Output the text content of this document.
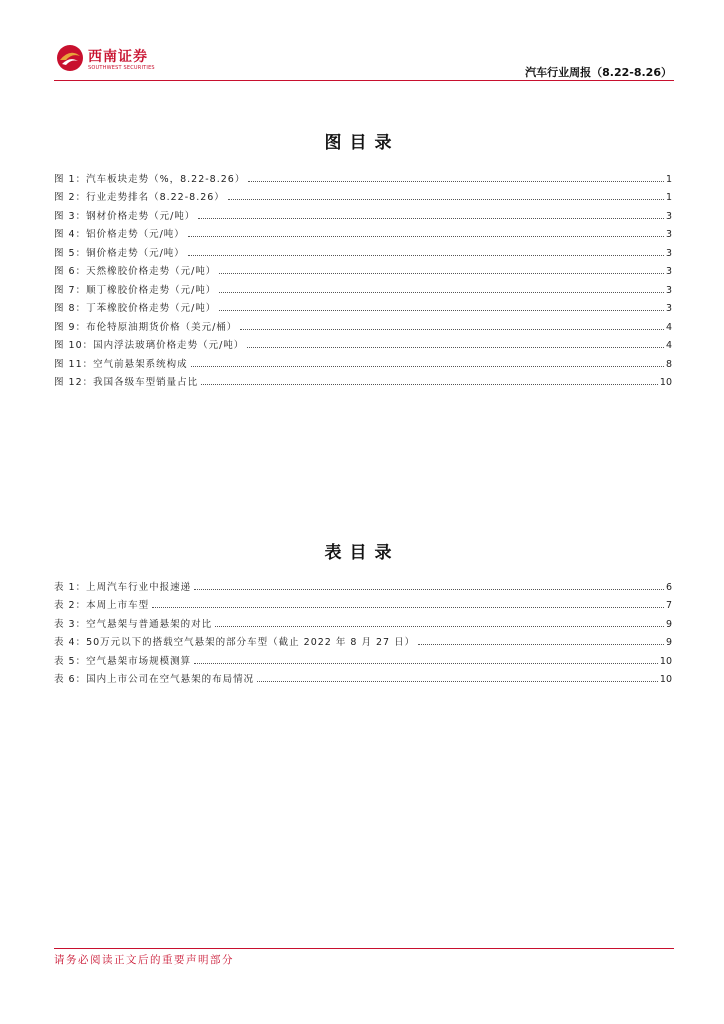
西南证券
SOUTHWEST SECURITIES	汽车行业周报（8.22-8.26）
图目录
图 1：汽车板块走势（%，8.22-8.26）	1
图 2：行业走势排名（8.22-8.26）	1
图 3：钢材价格走势（元/吨）	3
图 4：铝价格走势（元/吨）	3
图 5：铜价格走势（元/吨）	3
图 6：天然橡胶价格走势（元/吨）	3
图 7：顺丁橡胶价格走势（元/吨）	3
图 8：丁苯橡胶价格走势（元/吨）	3
图 9：布伦特原油期货价格（美元/桶）	4
图 10：国内浮法玻璃价格走势（元/吨）	4
图 11：空气前悬架系统构成	8
图 12：我国各级车型销量占比	10
表目录
表 1：上周汽车行业中报速递	6
表 2：本周上市车型	7
表 3：空气悬架与普通悬架的对比	9
表 4：50万元以下的搭载空气悬架的部分车型（截止 2022 年 8 月 27 日）	9
表 5：空气悬架市场规模测算	10
表 6：国内上市公司在空气悬架的布局情况	10
请务必阅读正文后的重要声明部分
